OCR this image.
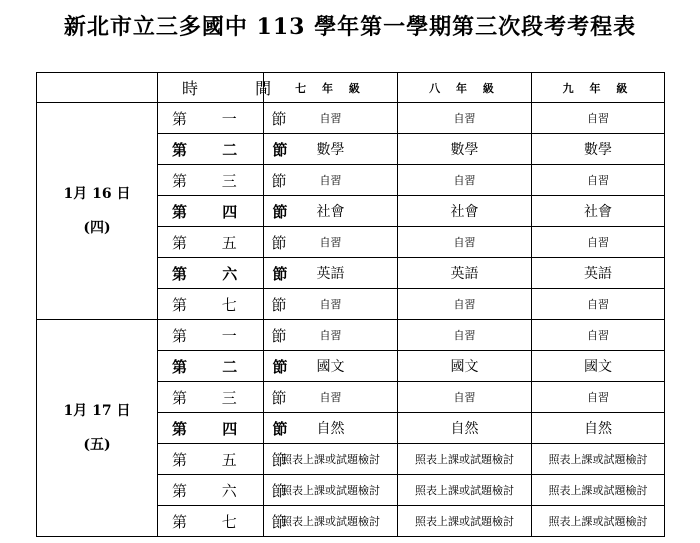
新北市立三多國中 113 學年第一學期第三次段考考程表
	時 間	七 年 級	八 年 級	九 年 級

1月 16 日
(四)	第 一 節	自習	自習	自習
	第 二 節	數學	數學	數學
	第 三 節	自習	自習	自習
	第 四 節	社會	社會	社會
	第 五 節	自習	自習	自習
	第 六 節	英語	英語	英語
	第 七 節	自習	自習	自習

1月 17 日
(五)	第 一 節	自習	自習	自習
	第 二 節	國文	國文	國文
	第 三 節	自習	自習	自習
	第 四 節	自然	自然	自然
	第 五 節	照表上課或試題檢討	照表上課或試題檢討	照表上課或試題檢討
	第 六 節	照表上課或試題檢討	照表上課或試題檢討	照表上課或試題檢討
	第 七 節	照表上課或試題檢討	照表上課或試題檢討	照表上課或試題檢討
